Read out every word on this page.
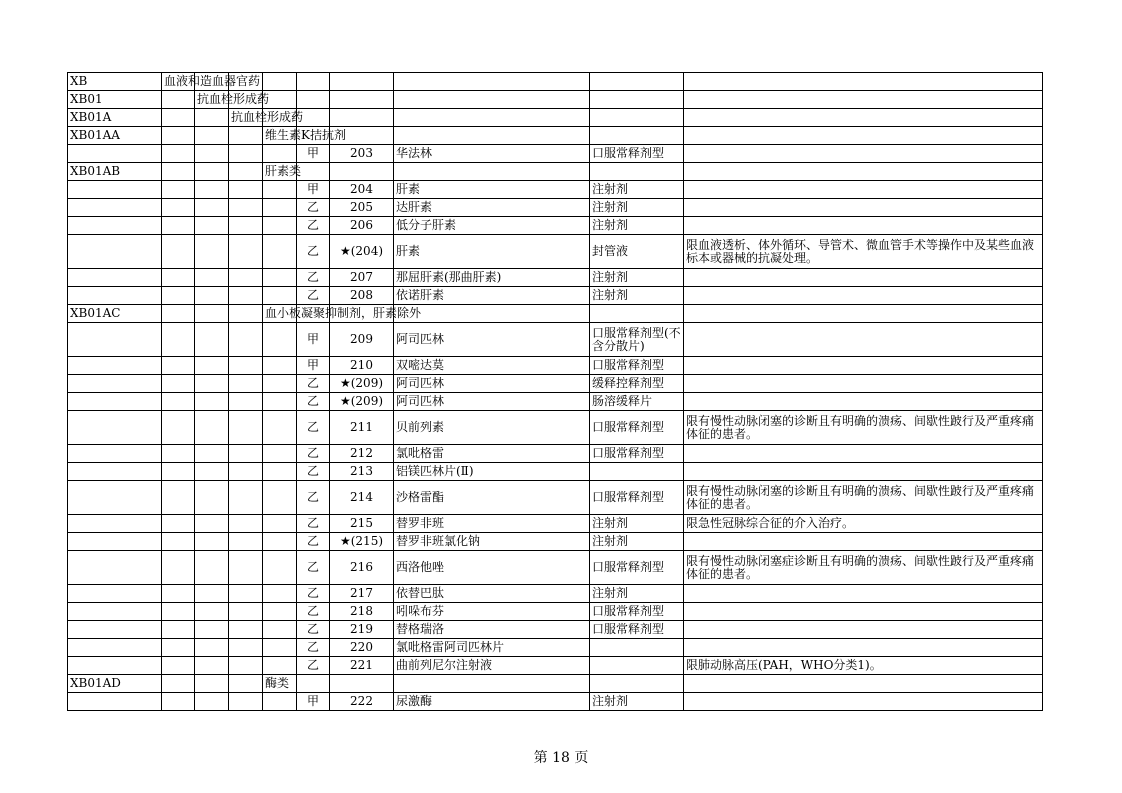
XB	血液和造血器官药								
XB01		抗血栓形成药							
XB01A			抗血栓形成药						
XB01AA				维生素K拮抗剂					
					甲	203	华法林	口服常释剂型	
XB01AB				肝素类					
					甲	204	肝素	注射剂	
					乙	205	达肝素	注射剂	
					乙	206	低分子肝素	注射剂	
					乙	★(204)	肝素	封管液	限血液透析、体外循环、导管术、微血管手术等操作中及某些血液标本或器械的抗凝处理。
					乙	207	那屈肝素(那曲肝素)	注射剂	
					乙	208	依诺肝素	注射剂	
XB01AC				血小板凝聚抑制剂，肝素除外					
					甲	209	阿司匹林	口服常释剂型(不含分散片)	
					甲	210	双嘧达莫	口服常释剂型	
					乙	★(209)	阿司匹林	缓释控释剂型	
					乙	★(209)	阿司匹林	肠溶缓释片	
					乙	211	贝前列素	口服常释剂型	限有慢性动脉闭塞的诊断且有明确的溃疡、间歇性跛行及严重疼痛体征的患者。
					乙	212	氯吡格雷	口服常释剂型	
					乙	213	铝镁匹林片(Ⅱ)		
					乙	214	沙格雷酯	口服常释剂型	限有慢性动脉闭塞的诊断且有明确的溃疡、间歇性跛行及严重疼痛体征的患者。
					乙	215	替罗非班	注射剂	限急性冠脉综合征的介入治疗。
					乙	★(215)	替罗非班氯化钠	注射剂	
					乙	216	西洛他唑	口服常释剂型	限有慢性动脉闭塞症诊断且有明确的溃疡、间歇性跛行及严重疼痛体征的患者。
					乙	217	依替巴肽	注射剂	
					乙	218	吲哚布芬	口服常释剂型	
					乙	219	替格瑞洛	口服常释剂型	
					乙	220	氯吡格雷阿司匹林片		
					乙	221	曲前列尼尔注射液		限肺动脉高压(PAH，WHO分类1)。
XB01AD				酶类					
					甲	222	尿激酶	注射剂	
第 18 页
